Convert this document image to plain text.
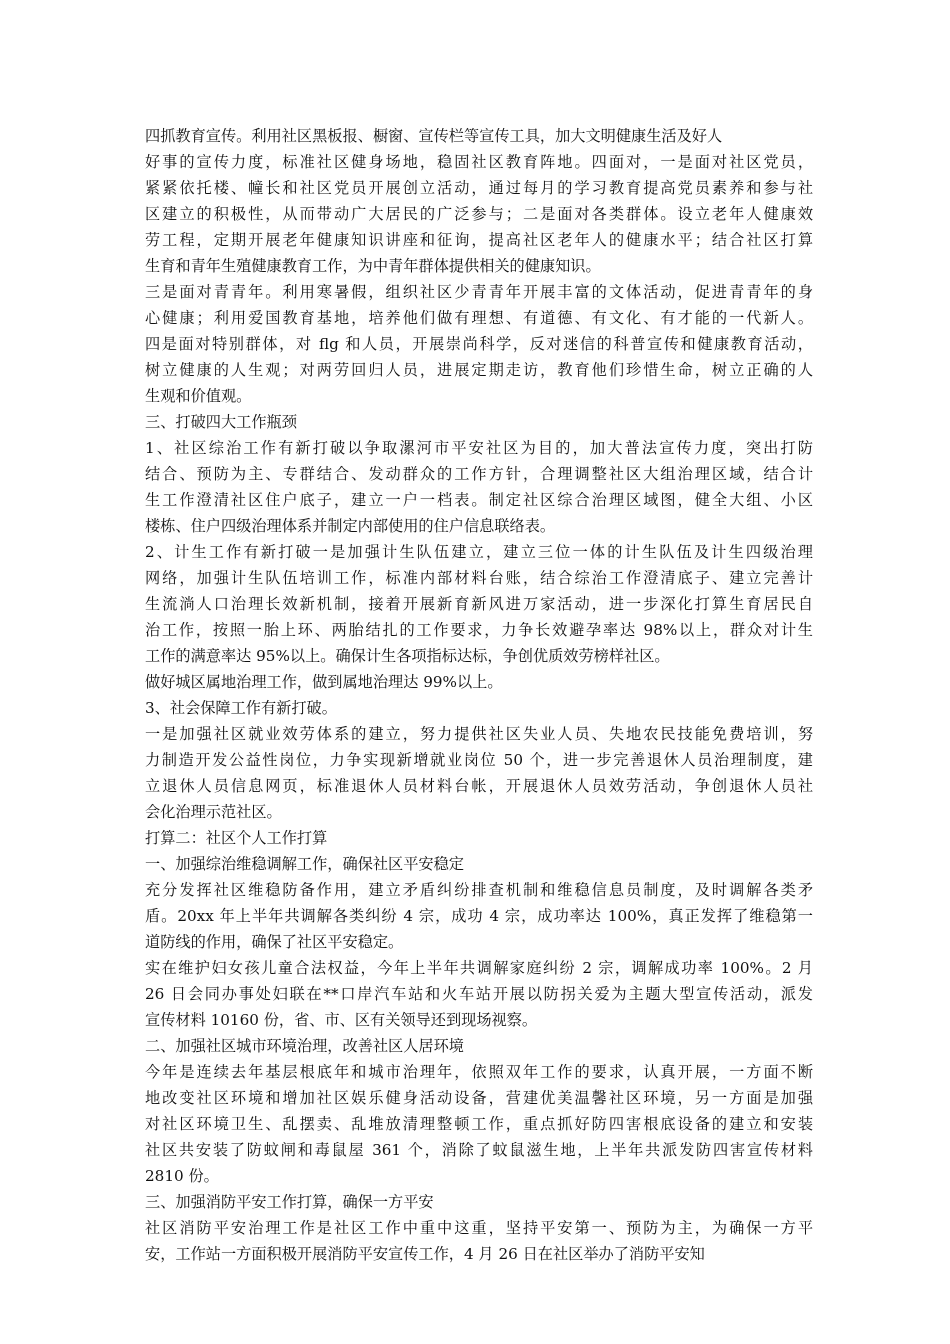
四抓教育宣传。利用社区黑板报、橱窗、宣传栏等宣传工具，加大文明健康生活及好人
好事的宣传力度，标准社区健身场地，稳固社区教育阵地。四面对，一是面对社区党员，
紧紧依托楼、幢长和社区党员开展创立活动，通过每月的学习教育提高党员素养和参与社
区建立的积极性，从而带动广大居民的广泛参与；二是面对各类群体。设立老年人健康效
劳工程，定期开展老年健康知识讲座和征询，提高社区老年人的健康水平；结合社区打算
生育和青年生殖健康教育工作，为中青年群体提供相关的健康知识。
三是面对青青年。利用寒暑假，组织社区少青青年开展丰富的文体活动，促进青青年的身
心健康；利用爱国教育基地，培养他们做有理想、有道德、有文化、有才能的一代新人。
四是面对特别群体，对 flg 和人员，开展崇尚科学，反对迷信的科普宣传和健康教育活动，
树立健康的人生观；对两劳回归人员，进展定期走访，教育他们珍惜生命，树立正确的人
生观和价值观。
三、打破四大工作瓶颈
1、社区综治工作有新打破以争取漯河市平安社区为目的，加大普法宣传力度，突出打防
结合、预防为主、专群结合、发动群众的工作方针，合理调整社区大组治理区域，结合计
生工作澄清社区住户底子，建立一户一档表。制定社区综合治理区域图，健全大组、小区
楼栋、住户四级治理体系并制定内部使用的住户信息联络表。
2、计生工作有新打破一是加强计生队伍建立，建立三位一体的计生队伍及计生四级治理
网络，加强计生队伍培训工作，标准内部材料台账，结合综治工作澄清底子、建立完善计
生流淌人口治理长效新机制，接着开展新育新风进万家活动，进一步深化打算生育居民自
治工作，按照一胎上环、两胎结扎的工作要求，力争长效避孕率达 98%以上，群众对计生
工作的满意率达 95%以上。确保计生各项指标达标，争创优质效劳榜样社区。
做好城区属地治理工作，做到属地治理达 99%以上。
3、社会保障工作有新打破。
一是加强社区就业效劳体系的建立，努力提供社区失业人员、失地农民技能免费培训，努
力制造开发公益性岗位，力争实现新增就业岗位 50 个，进一步完善退休人员治理制度，建
立退休人员信息网页，标准退休人员材料台帐，开展退休人员效劳活动，争创退休人员社
会化治理示范社区。
打算二：社区个人工作打算
一、加强综治维稳调解工作，确保社区平安稳定
充分发挥社区维稳防备作用，建立矛盾纠纷排查机制和维稳信息员制度，及时调解各类矛
盾。20xx 年上半年共调解各类纠纷 4 宗，成功 4 宗，成功率达 100%，真正发挥了维稳第一
道防线的作用，确保了社区平安稳定。
实在维护妇女孩儿童合法权益，今年上半年共调解家庭纠纷 2 宗，调解成功率 100%。2 月
26 日会同办事处妇联在**口岸汽车站和火车站开展以防拐关爱为主题大型宣传活动，派发
宣传材料 10160 份，省、市、区有关领导还到现场视察。
二、加强社区城市环境治理，改善社区人居环境
今年是连续去年基层根底年和城市治理年，依照双年工作的要求，认真开展，一方面不断
地改变社区环境和增加社区娱乐健身活动设备，营建优美温馨社区环境，另一方面是加强
对社区环境卫生、乱摆卖、乱堆放清理整顿工作，重点抓好防四害根底设备的建立和安装
社区共安装了防蚊闸和毒鼠屋 361 个，消除了蚊鼠滋生地，上半年共派发防四害宣传材料
2810 份。
三、加强消防平安工作打算，确保一方平安
社区消防平安治理工作是社区工作中重中这重，坚持平安第一、预防为主，为确保一方平
安，工作站一方面积极开展消防平安宣传工作，4 月 26 日在社区举办了消防平安知
